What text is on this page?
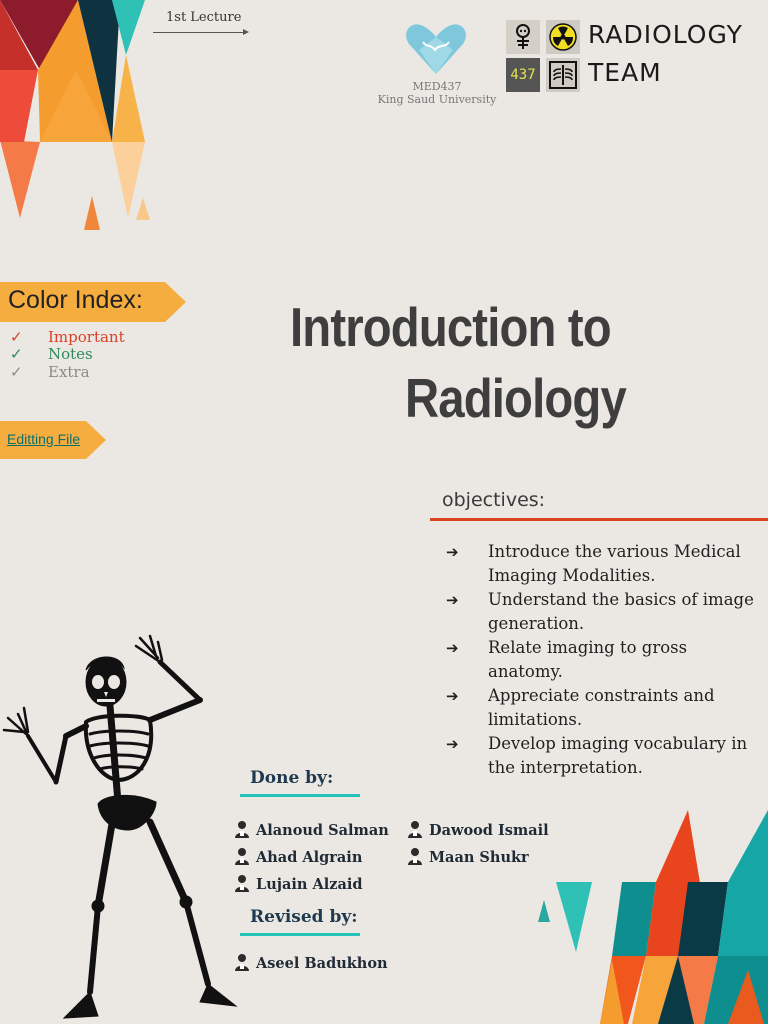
1st Lecture
MED437
King Saud University
437
RADIOLOGY
TEAM
Color Index:
✓ Important
✓ Notes
✓ Extra
Editting File
Introduction to
Radiology
objectives:
➔ Introduce the various Medical Imaging Modalities.
➔ Understand the basics of image generation.
➔ Relate imaging to gross anatomy.
➔ Appreciate constraints and limitations.
➔ Develop imaging vocabulary in the interpretation.
Done by:
Alanoud Salman
Ahad Algrain
Lujain Alzaid
Dawood Ismail
Maan Shukr
Revised by:
Aseel Badukhon
